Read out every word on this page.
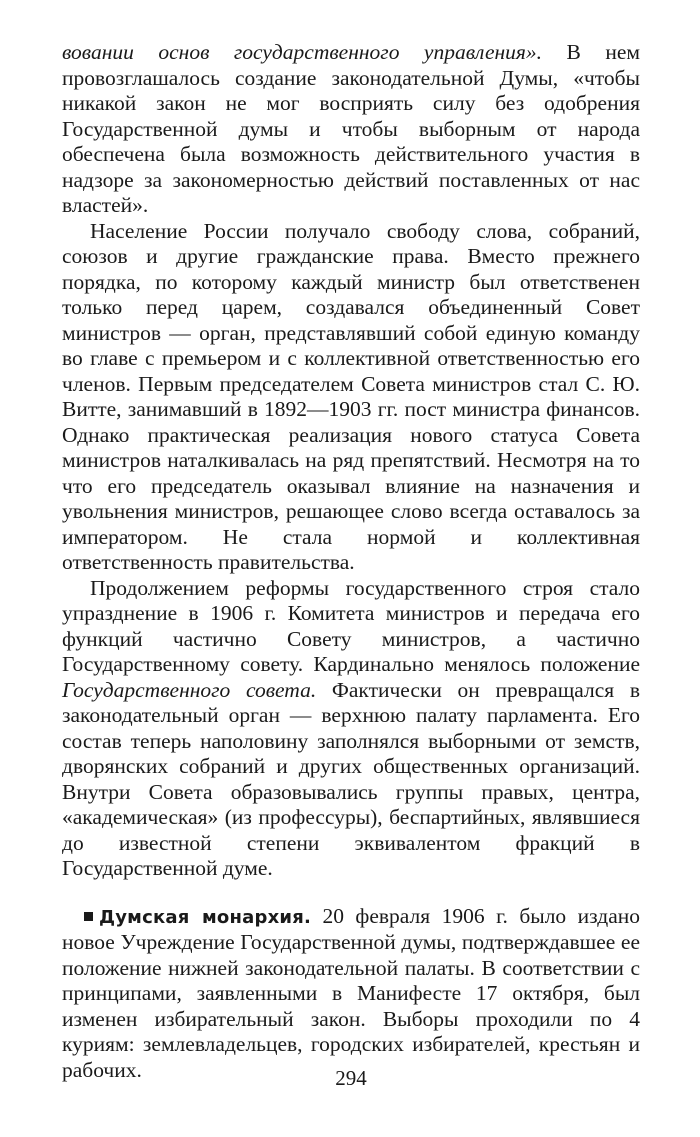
вовании основ государственного управления». В нем провозглашалось создание законодательной Думы, «чтобы никакой закон не мог восприять силу без одобрения Государственной думы и чтобы выборным от народа обеспечена была возможность действительного участия в надзоре за закономерностью действий поставленных от нас властей».

Население России получало свободу слова, собраний, союзов и другие гражданские права. Вместо прежнего порядка, по которому каждый министр был ответственен только перед царем, создавался объединенный Совет министров — орган, представлявший собой единую команду во главе с премьером и с коллективной ответственностью его членов. Первым председателем Совета министров стал С. Ю. Витте, занимавший в 1892—1903 гг. пост министра финансов. Однако практическая реализация нового статуса Совета министров наталкивалась на ряд препятствий. Несмотря на то что его председатель оказывал влияние на назначения и увольнения министров, решающее слово всегда оставалось за императором. Не стала нормой и коллективная ответственность правительства.

Продолжением реформы государственного строя стало упразднение в 1906 г. Комитета министров и передача его функций частично Совету министров, а частично Государственному совету. Кардинально менялось положение Государственного совета. Фактически он превращался в законодательный орган — верхнюю палату парламента. Его состав теперь наполовину заполнялся выборными от земств, дворянских собраний и других общественных организаций. Внутри Совета образовывались группы правых, центра, «академическая» (из профессуры), беспартийных, являвшиеся до известной степени эквивалентом фракций в Государственной думе.

Думская монархия. 20 февраля 1906 г. было издано новое Учреждение Государственной думы, подтверждавшее ее положение нижней законодательной палаты. В соответствии с принципами, заявленными в Манифесте 17 октября, был изменен избирательный закон. Выборы проходили по 4 куриям: землевладельцев, городских избирателей, крестьян и рабочих.	294
